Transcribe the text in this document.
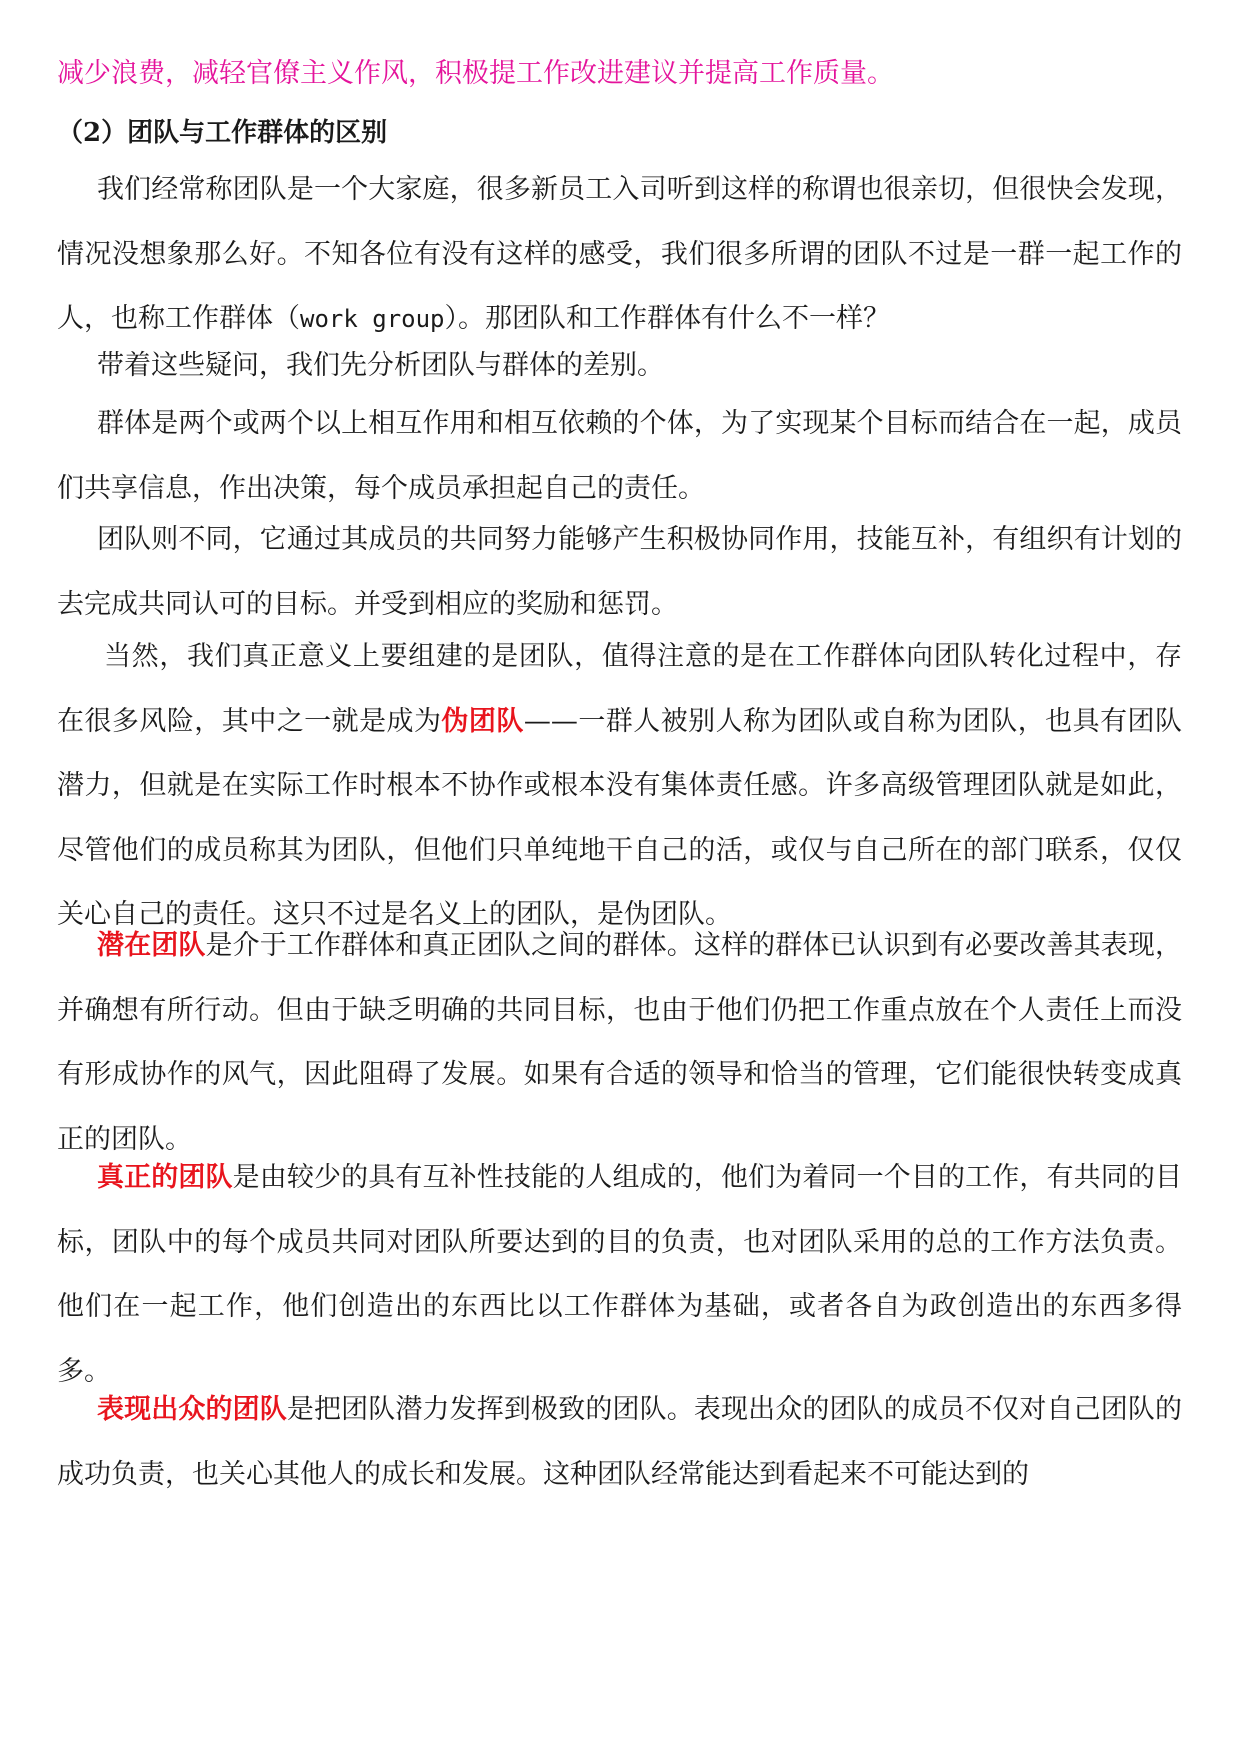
减少浪费，减轻官僚主义作风，积极提工作改进建议并提高工作质量。

（2）团队与工作群体的区别

我们经常称团队是一个大家庭，很多新员工入司听到这样的称谓也很亲切，但很快会发现，情况没想象那么好。不知各位有没有这样的感受，我们很多所谓的团队不过是一群一起工作的人，也称工作群体（work group）。那团队和工作群体有什么不一样？

带着这些疑问，我们先分析团队与群体的差别。

群体是两个或两个以上相互作用和相互依赖的个体，为了实现某个目标而结合在一起，成员们共享信息，作出决策，每个成员承担起自己的责任。

团队则不同，它通过其成员的共同努力能够产生积极协同作用，技能互补，有组织有计划的去完成共同认可的目标。并受到相应的奖励和惩罚。

当然，我们真正意义上要组建的是团队，值得注意的是在工作群体向团队转化过程中，存在很多风险，其中之一就是成为伪团队——一群人被别人称为团队或自称为团队，也具有团队潜力，但就是在实际工作时根本不协作或根本没有集体责任感。许多高级管理团队就是如此，尽管他们的成员称其为团队，但他们只单纯地干自己的活，或仅与自己所在的部门联系，仅仅关心自己的责任。这只不过是名义上的团队，是伪团队。

潜在团队是介于工作群体和真正团队之间的群体。这样的群体已认识到有必要改善其表现，并确想有所行动。但由于缺乏明确的共同目标，也由于他们仍把工作重点放在个人责任上而没有形成协作的风气，因此阻碍了发展。如果有合适的领导和恰当的管理，它们能很快转变成真正的团队。

真正的团队是由较少的具有互补性技能的人组成的，他们为着同一个目的工作，有共同的目标，团队中的每个成员共同对团队所要达到的目的负责，也对团队采用的总的工作方法负责。他们在一起工作，他们创造出的东西比以工作群体为基础，或者各自为政创造出的东西多得多。

表现出众的团队是把团队潜力发挥到极致的团队。表现出众的团队的成员不仅对自己团队的成功负责，也关心其他人的成长和发展。这种团队经常能达到看起来不可能达到的
